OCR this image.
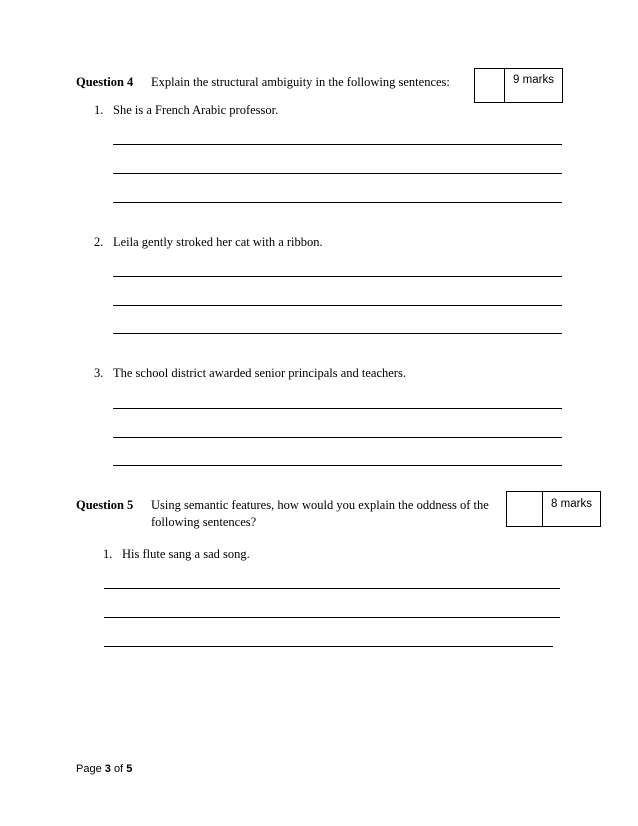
Question 4 Explain the structural ambiguity in the following sentences:	9 marks
1. She is a French Arabic professor.
2. Leila gently stroked her cat with a ribbon.
3. The school district awarded senior principals and teachers.
Question 5 Using semantic features, how would you explain the oddness of the
following sentences?
8 marks
1. His flute sang a sad song.
Page 3 of 5
